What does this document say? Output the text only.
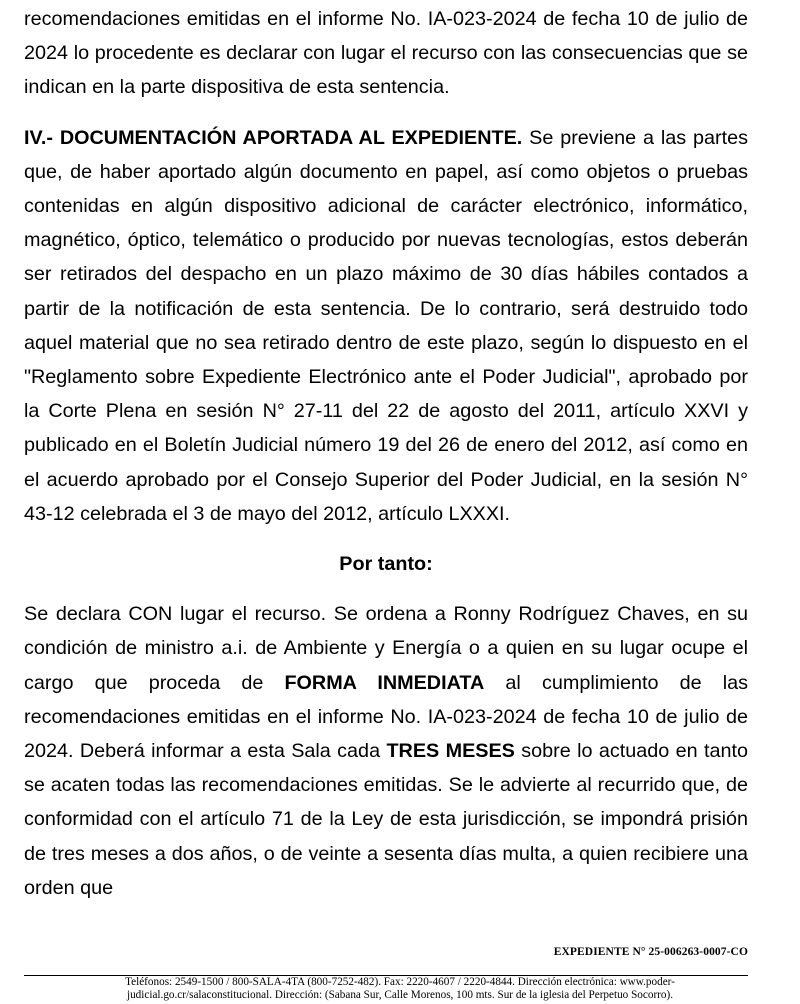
recomendaciones emitidas en el informe No. IA-023-2024 de fecha 10 de julio de 2024 lo procedente es declarar con lugar el recurso con las consecuencias que se indican en la parte dispositiva de esta sentencia.

IV.- DOCUMENTACIÓN APORTADA AL EXPEDIENTE. Se previene a las partes que, de haber aportado algún documento en papel, así como objetos o pruebas contenidas en algún dispositivo adicional de carácter electrónico, informático, magnético, óptico, telemático o producido por nuevas tecnologías, estos deberán ser retirados del despacho en un plazo máximo de 30 días hábiles contados a partir de la notificación de esta sentencia. De lo contrario, será destruido todo aquel material que no sea retirado dentro de este plazo, según lo dispuesto en el "Reglamento sobre Expediente Electrónico ante el Poder Judicial", aprobado por la Corte Plena en sesión N° 27-11 del 22 de agosto del 2011, artículo XXVI y publicado en el Boletín Judicial número 19 del 26 de enero del 2012, así como en el acuerdo aprobado por el Consejo Superior del Poder Judicial, en la sesión N° 43-12 celebrada el 3 de mayo del 2012, artículo LXXXI.

Por tanto:

Se declara CON lugar el recurso. Se ordena a Ronny Rodríguez Chaves, en su condición de ministro a.i. de Ambiente y Energía o a quien en su lugar ocupe el cargo que proceda de FORMA INMEDIATA al cumplimiento de las recomendaciones emitidas en el informe No. IA-023-2024 de fecha 10 de julio de 2024. Deberá informar a esta Sala cada TRES MESES sobre lo actuado en tanto se acaten todas las recomendaciones emitidas. Se le advierte al recurrido que, de conformidad con el artículo 71 de la Ley de esta jurisdicción, se impondrá prisión de tres meses a dos años, o de veinte a sesenta días multa, a quien recibiere una orden que

EXPEDIENTE N° 25-006263-0007-CO
Teléfonos: 2549-1500 / 800-SALA-4TA (800-7252-482). Fax: 2220-4607 / 2220-4844. Dirección electrónica: www.poder-
judicial.go.cr/salaconstitucional. Dirección: (Sabana Sur, Calle Morenos, 100 mts. Sur de la iglesia del Perpetuo Socorro).
